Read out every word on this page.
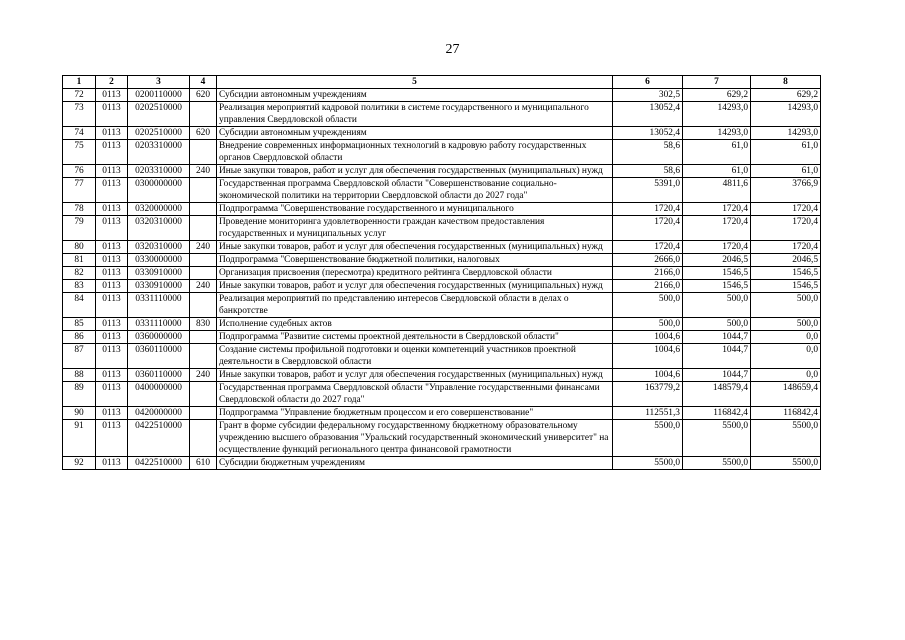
27
1	2	3	4	5	6	7	8
72	0113	0200110000	620	Субсидии автономным учреждениям	302,5	629,2	629,2
73	0113	0202510000		Реализация мероприятий кадровой политики в системе государственного и муниципального управления Свердловской области	13052,4	14293,0	14293,0
74	0113	0202510000	620	Субсидии автономным учреждениям	13052,4	14293,0	14293,0
75	0113	0203310000		Внедрение современных информационных технологий в кадровую работу государственных органов Свердловской области	58,6	61,0	61,0
76	0113	0203310000	240	Иные закупки товаров, работ и услуг для обеспечения государственных (муниципальных) нужд	58,6	61,0	61,0
77	0113	0300000000		Государственная программа Свердловской области "Совершенствование социально-экономической политики на территории Свердловской области до 2027 года"	5391,0	4811,6	3766,9
78	0113	0320000000		Подпрограмма "Совершенствование государственного и муниципального	1720,4	1720,4	1720,4
79	0113	0320310000		Проведение мониторинга удовлетворенности граждан качеством предоставления государственных и муниципальных услуг	1720,4	1720,4	1720,4
80	0113	0320310000	240	Иные закупки товаров, работ и услуг для обеспечения государственных (муниципальных) нужд	1720,4	1720,4	1720,4
81	0113	0330000000		Подпрограмма "Совершенствование бюджетной политики, налоговых	2666,0	2046,5	2046,5
82	0113	0330910000		Организация присвоения (пересмотра) кредитного рейтинга Свердловской области	2166,0	1546,5	1546,5
83	0113	0330910000	240	Иные закупки товаров, работ и услуг для обеспечения государственных (муниципальных) нужд	2166,0	1546,5	1546,5
84	0113	0331110000		Реализация мероприятий по представлению интересов Свердловской области в делах о банкротстве	500,0	500,0	500,0
85	0113	0331110000	830	Исполнение судебных актов	500,0	500,0	500,0
86	0113	0360000000		Подпрограмма "Развитие системы проектной деятельности в Свердловской области"	1004,6	1044,7	0,0
87	0113	0360110000		Создание системы профильной подготовки и оценки компетенций участников проектной деятельности в Свердловской области	1004,6	1044,7	0,0
88	0113	0360110000	240	Иные закупки товаров, работ и услуг для обеспечения государственных (муниципальных) нужд	1004,6	1044,7	0,0
89	0113	0400000000		Государственная программа Свердловской области "Управление государственными финансами Свердловской области до 2027 года"	163779,2	148579,4	148659,4
90	0113	0420000000		Подпрограмма "Управление бюджетным процессом и его совершенствование"	112551,3	116842,4	116842,4
91	0113	0422510000		Грант в форме субсидии федеральному государственному бюджетному образовательному учреждению высшего образования "Уральский государственный экономический университет" на осуществление функций регионального центра финансовой грамотности	5500,0	5500,0	5500,0
92	0113	0422510000	610	Субсидии бюджетным учреждениям	5500,0	5500,0	5500,0
